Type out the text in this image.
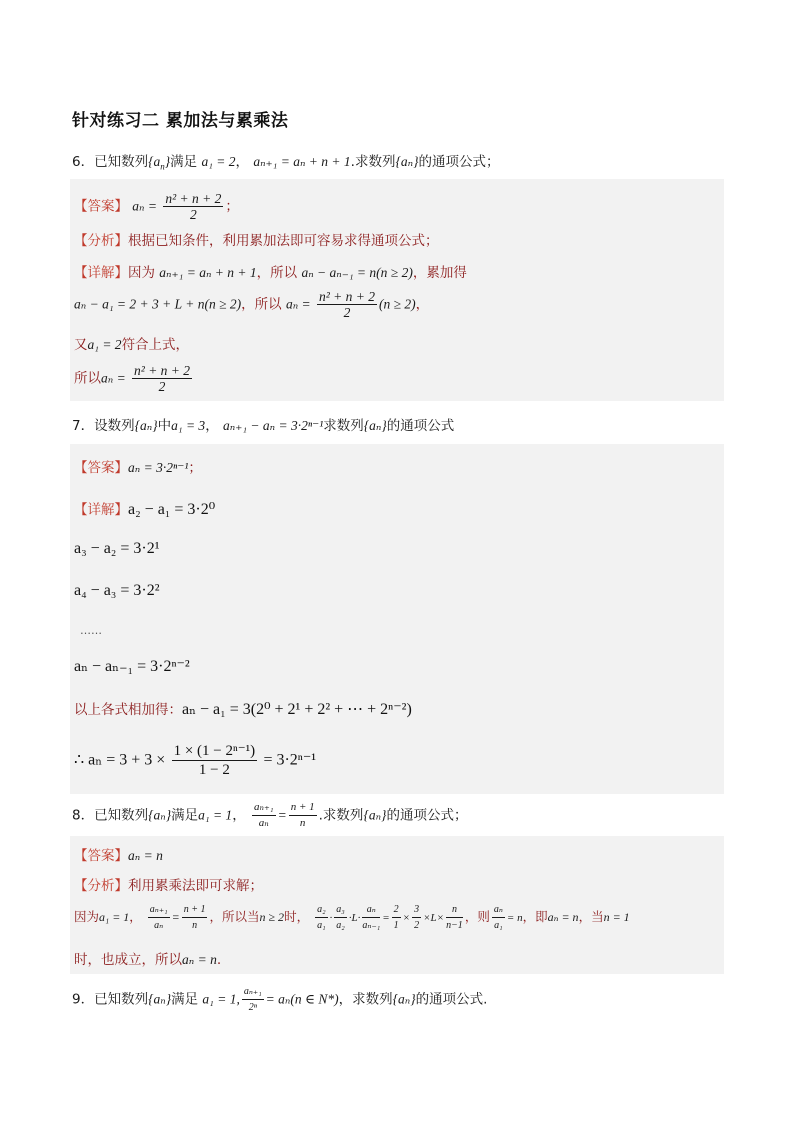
针对练习二 累加法与累乘法
6．已知数列$\{a_n\}$满足 a₁ = 2， aₙ₊₁ = aₙ + n + 1.求数列{aₙ}的通项公式；
【答案】 $a_n = \frac{\text{n² + n + 2}}{2}$ ；
【分析】根据已知条件，利用累加法即可容易求得通项公式；
【详解】因为 aₙ₊₁ = aₙ + n + 1，所以 aₙ − aₙ₋₁ = n(n ≥ 2)，累加得
aₙ − a₁ = 2 + 3 + L + n(n ≥ 2)，所以 $a_n = \frac{\text{n² + n + 2}}{2} (n \ge 2)$，
又a₁ = 2符合上式，
所以$a_n = \frac{\text{n² + n + 2}}{2}$
7．设数列{aₙ}中a₁ = 3， aₙ₊₁ − aₙ = 3·2ⁿ⁻¹求数列{aₙ}的通项公式
【答案】aₙ = 3·2ⁿ⁻¹；
【详解】a₂ − a₁ = 3·2⁰
a₃ − a₂ = 3·2¹
a₄ − a₃ = 3·2²
……
aₙ − aₙ₋₁ = 3·2ⁿ⁻²
以上各式相加得：aₙ − a₁ = 3(2⁰ + 2¹ + 2² + ⋯ + 2ⁿ⁻²)
∴ $a_n = 3 + 3 \times \frac{\text{1 × (1 − 2ⁿ⁻¹)}}{1 - 2} = 3\cdot 2^{n-1}$
8．已知数列{aₙ}满足a₁ = 1， $\frac{\text{aₙ₊₁}}{\text{aₙ}} = \frac{n + 1}{n}$ .求数列{aₙ}的通项公式；
【答案】aₙ = n
【分析】利用累乘法即可求解；
因为a₁ = 1， $\frac{\text{aₙ₊₁}}{\text{aₙ}} = \frac{n + 1}{n}$ ，所以当n ≥ 2时， $\frac{\text{a₂}}{\text{a₁}} \cdot \frac{\text{a₃}}{\text{a₂}} \cdot L\cdot \frac{\text{aₙ}}{\text{aₙ₋₁}} = \frac{2}{1} \times \frac{3}{2} \times L\times \frac{n}{n-1}$ ，则 $\frac{\text{aₙ}}{\text{a₁}} = n$，即aₙ = n，当n = 1
时，也成立，所以aₙ = n.
9．已知数列{aₙ}满足 a₁ = 1, $\frac{\text{aₙ₊₁}}{\text{2ⁿ}} = a_n(n$ ∈ N*)，求数列{aₙ}的通项公式.
